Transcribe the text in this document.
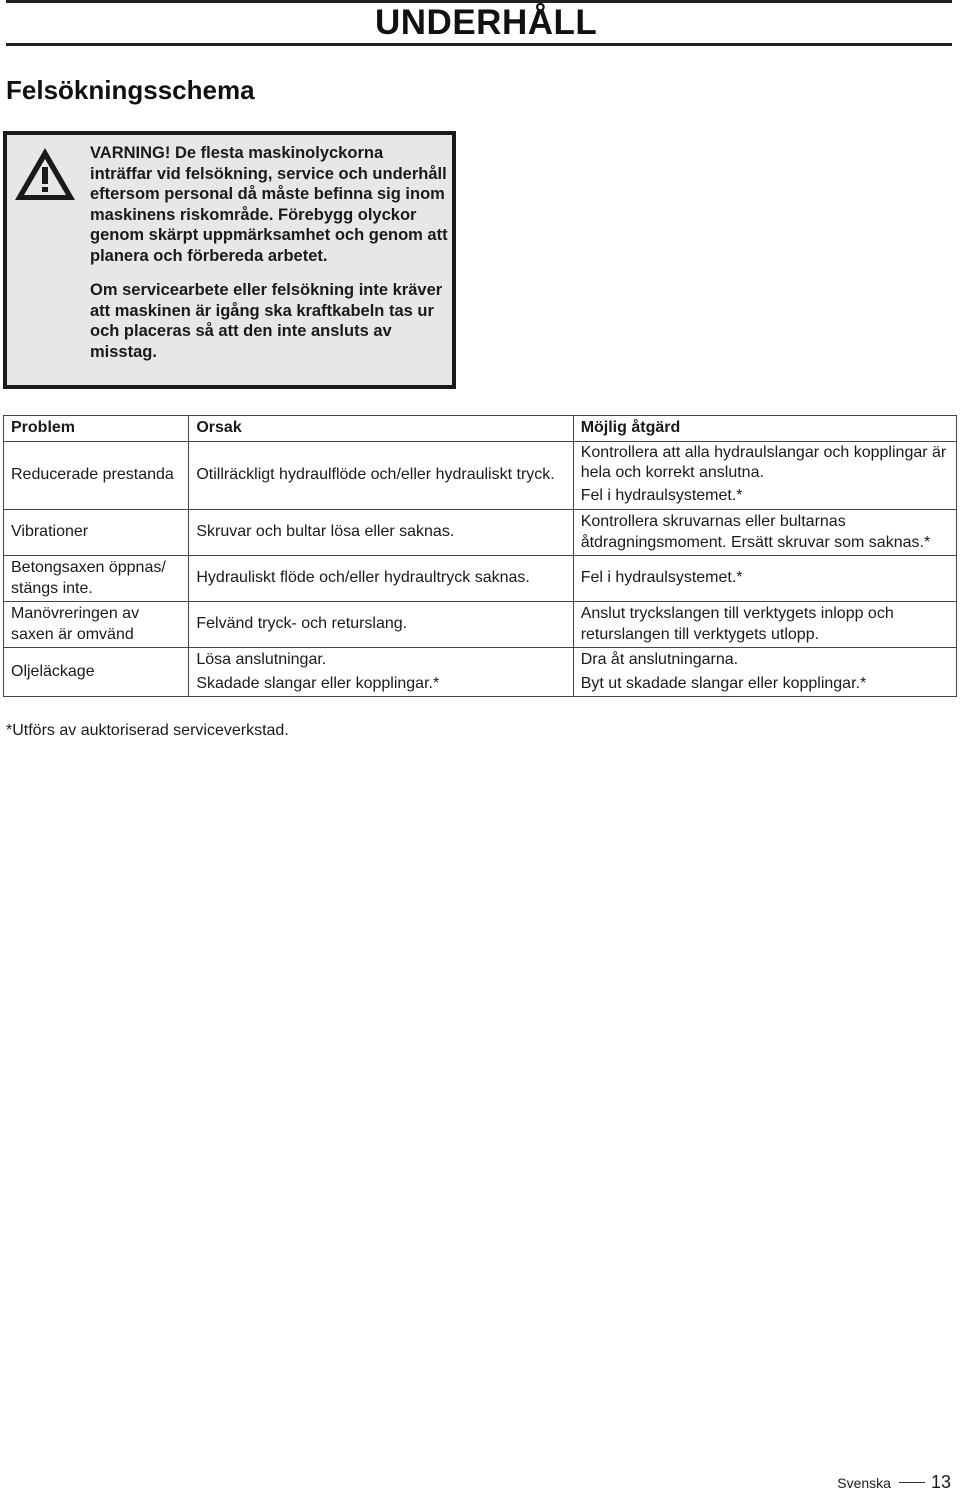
UNDERHÅLL
Felsökningsschema

VARNING! De flesta maskinolyckorna inträffar vid felsökning, service och underhåll eftersom personal då måste befinna sig inom maskinens riskområde. Förebygg olyckor genom skärpt uppmärksamhet och genom att planera och förbereda arbetet.

Om servicearbete eller felsökning inte kräver att maskinen är igång ska kraftkabeln tas ur och placeras så att den inte ansluts av misstag.

Problem	Orsak	Möjlig åtgärd
Reducerade prestanda	Otillräckligt hydraulflöde och/eller hydrauliskt tryck.	Kontrollera att alla hydraulslangar och kopplingar är hela och korrekt anslutna.
		Fel i hydraulsystemet.*
Vibrationer	Skruvar och bultar lösa eller saknas.	Kontrollera skruvarnas eller bultarnas åtdragningsmoment. Ersätt skruvar som saknas.*
Betongsaxen öppnas/ stängs inte.	Hydrauliskt flöde och/eller hydraultryck saknas.	Fel i hydraulsystemet.*
Manövreringen av saxen är omvänd	Felvänd tryck- och returslang.	Anslut tryckslangen till verktygets inlopp och returslangen till verktygets utlopp.
Oljeläckage	Lösa anslutningar.	Dra åt anslutningarna.
	Skadade slangar eller kopplingar.*	Byt ut skadade slangar eller kopplingar.*
*Utförs av auktoriserad serviceverkstad.
Svenska 13
